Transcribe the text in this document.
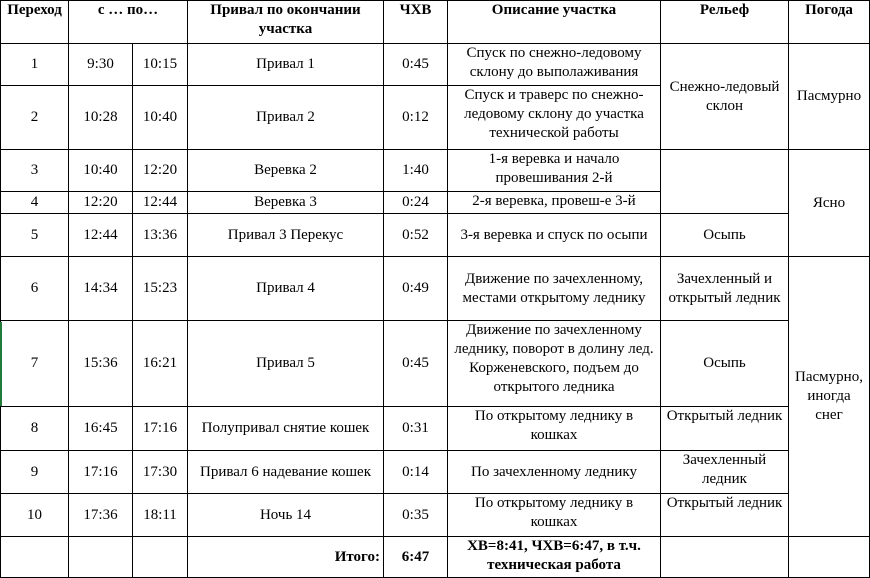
Переход	с … по…		Привал по окончании участка	ЧХВ	Описание участка	Рельеф	Погода
1	9:30	10:15	Привал 1	0:45	Спуск по снежно-ледовому склону до выполаживания	Снежно-ледовый склон	Пасмурно
2	10:28	10:40	Привал 2	0:12	Спуск и траверс по снежно-ледовому склону до участка технической работы		
3	10:40	12:20	Веревка 2	1:40	1-я веревка и начало провешивания 2-й		Ясно
4	12:20	12:44	Веревка 3	0:24	2-я веревка, провеш-е 3-й		
5	12:44	13:36	Привал 3 Перекус	0:52	3-я веревка и спуск по осыпи	Осыпь	
6	14:34	15:23	Привал 4	0:49	Движение по зачехленному, местами открытому леднику	Зачехленный и открытый ледник	Пасмурно, иногда снег
7	15:36	16:21	Привал 5	0:45	Движение по зачехленному леднику, поворот в долину лед. Корженевского, подъем до открытого ледника	Осыпь	
8	16:45	17:16	Полупривал снятие кошек	0:31	По открытому леднику в кошках	Открытый ледник	
9	17:16	17:30	Привал 6 надевание кошек	0:14	По зачехленному леднику	Зачехленный ледник	
10	17:36	18:11	Ночь 14	0:35	По открытому леднику в кошках	Открытый ледник	
			Итого:	6:47	ХВ=8:41, ЧХВ=6:47, в т.ч. техническая работа		
